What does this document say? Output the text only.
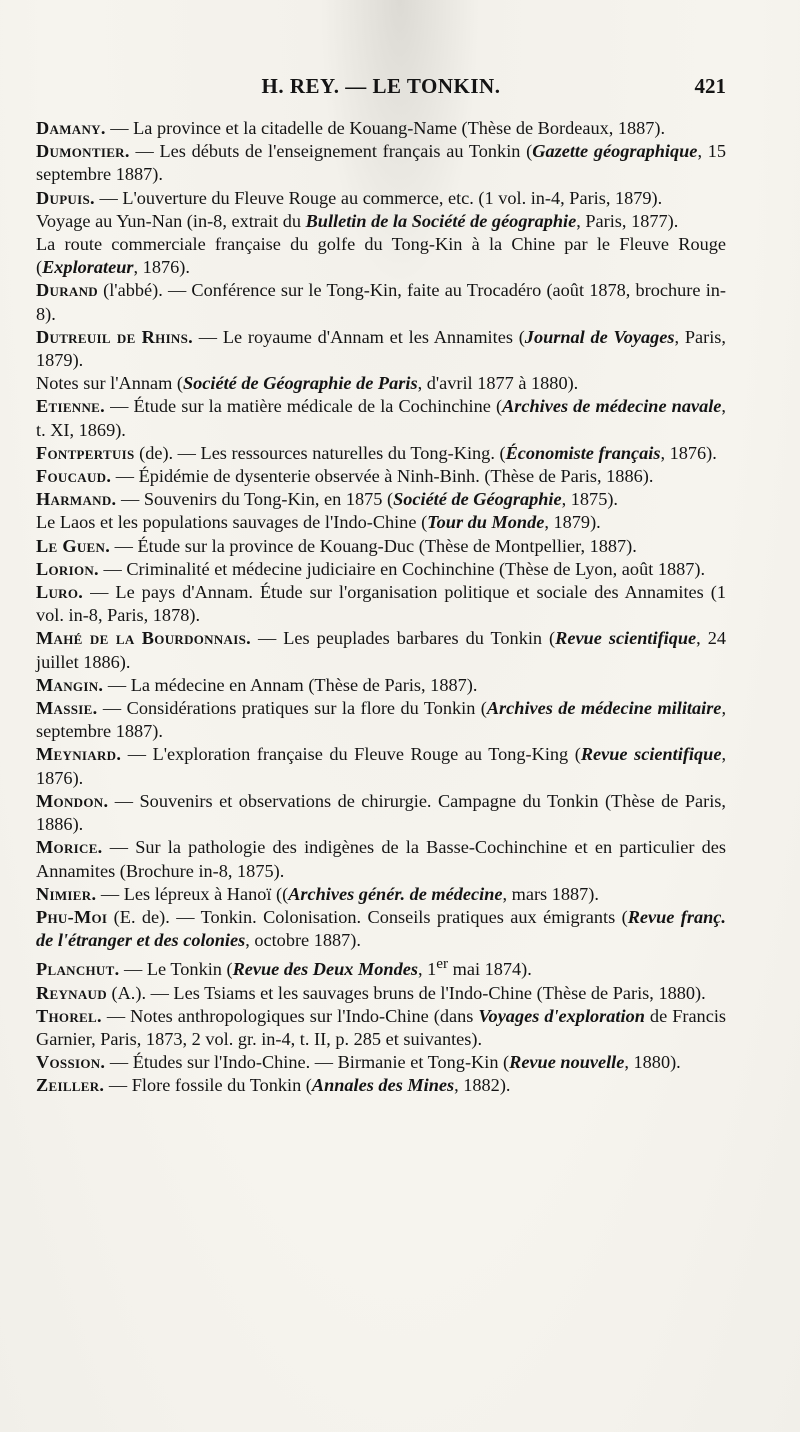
H. REY. — LE TONKIN.	421

Damany. — La province et la citadelle de Kouang-Name (Thèse de Bordeaux, 1887).

Dumontier. — Les débuts de l'enseignement français au Tonkin (Gazette géographique, 15 septembre 1887).

Dupuis. — L'ouverture du Fleuve Rouge au commerce, etc. (1 vol. in-4, Paris, 1879).

Voyage au Yun-Nan (in-8, extrait du Bulletin de la Société de géographie, Paris, 1877).

La route commerciale française du golfe du Tong-Kin à la Chine par le Fleuve Rouge (Explorateur, 1876).

Durand (l'abbé). — Conférence sur le Tong-Kin, faite au Trocadéro (août 1878, brochure in-8).

Dutreuil de Rhins. — Le royaume d'Annam et les Annamites (Journal de Voyages, Paris, 1879).

Notes sur l'Annam (Société de Géographie de Paris, d'avril 1877 à 1880).

Etienne. — Étude sur la matière médicale de la Cochinchine (Archives de médecine navale, t. XI, 1869).

Fontpertuis (de). — Les ressources naturelles du Tong-King. (Économiste français, 1876).

Foucaud. — Épidémie de dysenterie observée à Ninh-Binh. (Thèse de Paris, 1886).

Harmand. — Souvenirs du Tong-Kin, en 1875 (Société de Géographie, 1875).

Le Laos et les populations sauvages de l'Indo-Chine (Tour du Monde, 1879).

Le Guen. — Étude sur la province de Kouang-Duc (Thèse de Montpellier, 1887).

Lorion. — Criminalité et médecine judiciaire en Cochinchine (Thèse de Lyon, août 1887).

Luro. — Le pays d'Annam. Étude sur l'organisation politique et sociale des Annamites (1 vol. in-8, Paris, 1878).

Mahé de la Bourdonnais. — Les peuplades barbares du Tonkin (Revue scientifique, 24 juillet 1886).

Mangin. — La médecine en Annam (Thèse de Paris, 1887).

Massie. — Considérations pratiques sur la flore du Tonkin (Archives de médecine militaire, septembre 1887).

Meyniard. — L'exploration française du Fleuve Rouge au Tong-King (Revue scientifique, 1876).

Mondon. — Souvenirs et observations de chirurgie. Campagne du Tonkin (Thèse de Paris, 1886).

Morice. — Sur la pathologie des indigènes de la Basse-Cochinchine et en particulier des Annamites (Brochure in-8, 1875).

Nimier. — Les lépreux à Hanoï ((Archives génér. de médecine, mars 1887).

Phu-Moi (E. de). — Tonkin. Colonisation. Conseils pratiques aux émigrants (Revue franç. de l'étranger et des colonies, octobre 1887).

Planchut. — Le Tonkin (Revue des Deux Mondes, 1er mai 1874).

Reynaud (A.). — Les Tsiams et les sauvages bruns de l'Indo-Chine (Thèse de Paris, 1880).

Thorel. — Notes anthropologiques sur l'Indo-Chine (dans Voyages d'exploration de Francis Garnier, Paris, 1873, 2 vol. gr. in-4, t. II, p. 285 et suivantes).

Vossion. — Études sur l'Indo-Chine. — Birmanie et Tong-Kin (Revue nouvelle, 1880).

Zeiller. — Flore fossile du Tonkin (Annales des Mines, 1882).
